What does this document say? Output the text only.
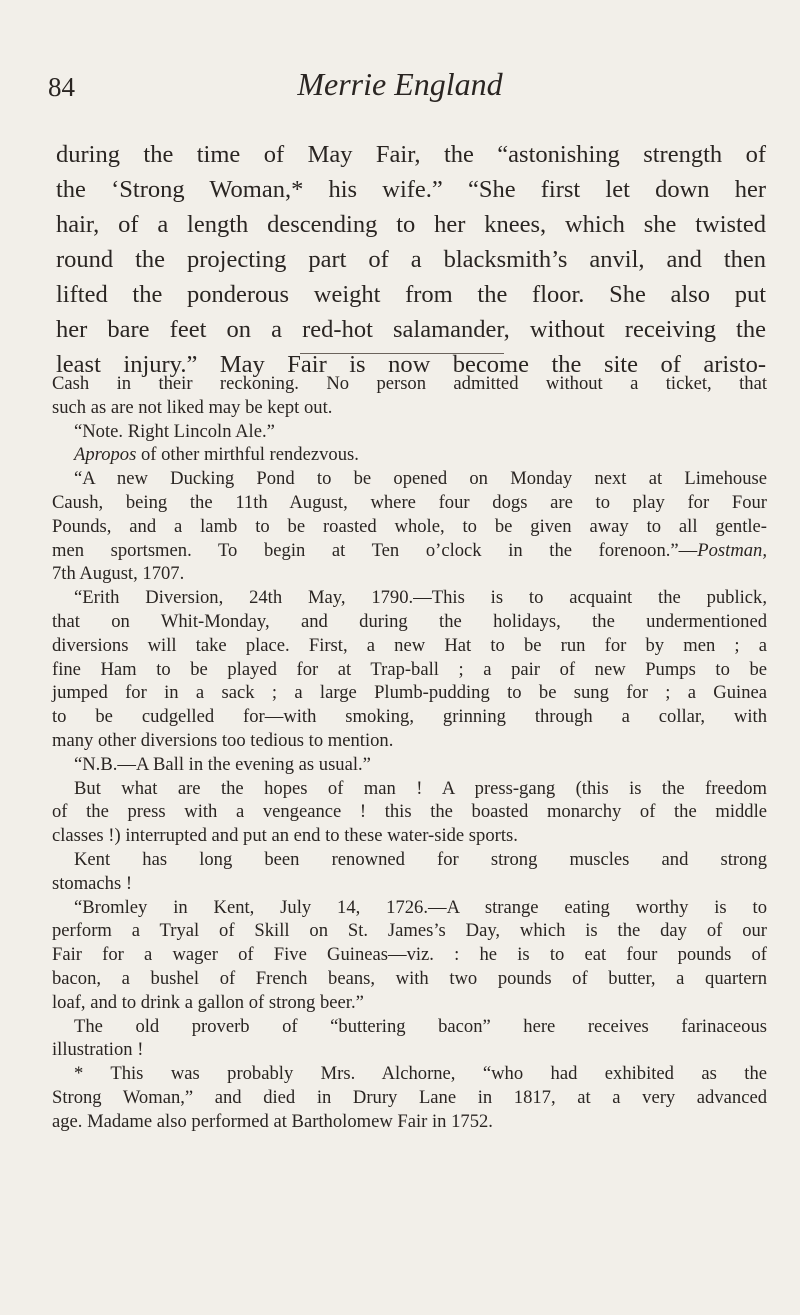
84	Merrie England
during the time of May Fair, the “astonishing strength of
the ‘Strong Woman,* his wife.” “She first let down her
hair, of a length descending to her knees, which she twisted
round the projecting part of a blacksmith’s anvil, and then
lifted the ponderous weight from the floor. She also put
her bare feet on a red-hot salamander, without receiving the
least injury.” May Fair is now become the site of aristo-
Cash in their reckoning. No person admitted without a ticket, that
such as are not liked may be kept out.
“Note. Right Lincoln Ale.”
Apropos of other mirthful rendezvous.
“A new Ducking Pond to be opened on Monday next at Limehouse
Caush, being the 11th August, where four dogs are to play for Four
Pounds, and a lamb to be roasted whole, to be given away to all gentle-
men sportsmen. To begin at Ten o’clock in the forenoon.”—Postman,
7th August, 1707.
“Erith Diversion, 24th May, 1790.—This is to acquaint the publick,
that on Whit-Monday, and during the holidays, the undermentioned
diversions will take place. First, a new Hat to be run for by men ; a
fine Ham to be played for at Trap-ball ; a pair of new Pumps to be
jumped for in a sack ; a large Plumb-pudding to be sung for ; a Guinea
to be cudgelled for—with smoking, grinning through a collar, with
many other diversions too tedious to mention.
“N.B.—A Ball in the evening as usual.”
But what are the hopes of man ! A press-gang (this is the freedom
of the press with a vengeance ! this the boasted monarchy of the middle
classes !) interrupted and put an end to these water-side sports.
Kent has long been renowned for strong muscles and strong
stomachs !
“Bromley in Kent, July 14, 1726.—A strange eating worthy is to
perform a Tryal of Skill on St. James’s Day, which is the day of our
Fair for a wager of Five Guineas—viz. : he is to eat four pounds of
bacon, a bushel of French beans, with two pounds of butter, a quartern
loaf, and to drink a gallon of strong beer.”
The old proverb of “buttering bacon” here receives farinaceous
illustration !
* This was probably Mrs. Alchorne, “who had exhibited as the
Strong Woman,” and died in Drury Lane in 1817, at a very advanced
age. Madame also performed at Bartholomew Fair in 1752.
